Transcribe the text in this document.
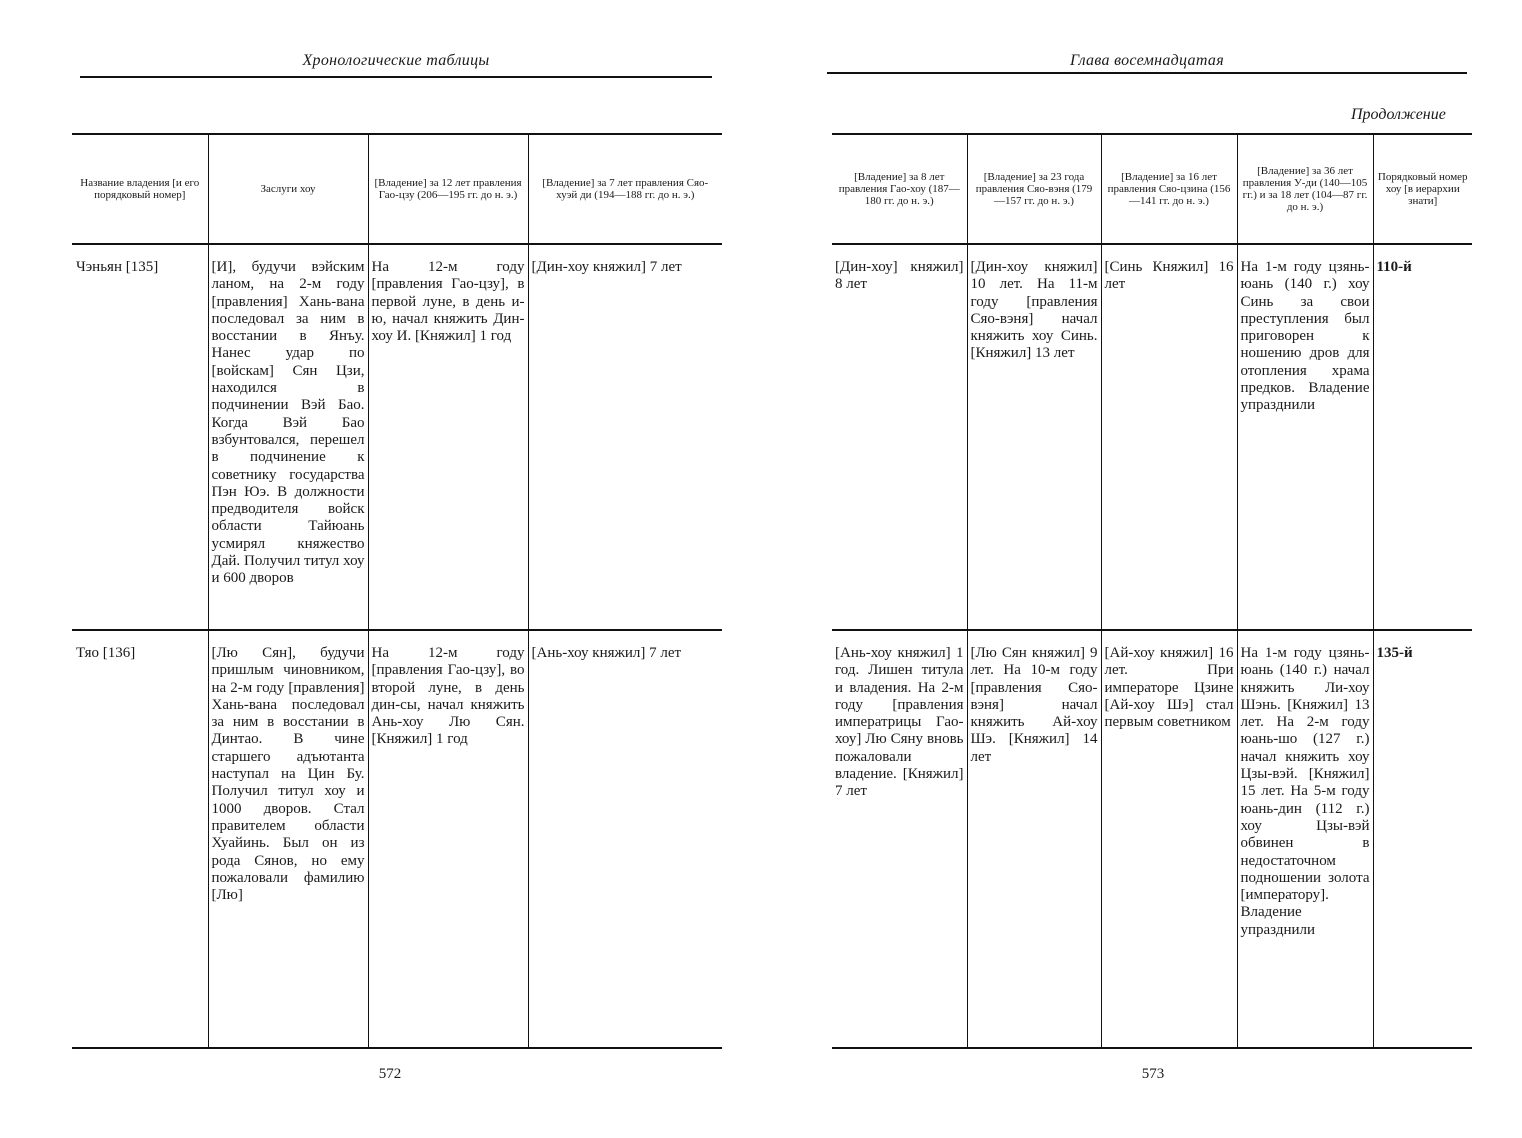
Хронологические таблицы
Название владения [и его порядковый номер]	Заслуги хоу	[Владение] за 12 лет правления Гао-цзу (206—195 гг. до н. э.)	[Владение] за 7 лет правления Сяо-хуэй ди (194—188 гг. до н. э.)
Чэньян [135]	[И], будучи вэйским ланом, на 2-м году [правления] Хань-вана последовал за ним в восстании в Янъу. Нанес удар по [войскам] Сян Цзи, находился в подчинении Вэй Бао. Когда Вэй Бао взбунтовался, перешел в подчинение к советнику государства Пэн Юэ. В должности предводителя войск области Тайюань усмирял княжество Дай. Получил титул хоу и 600 дворов	На 12-м году [правления Гао-цзу], в первой луне, в день и-ю, начал княжить Дин-хоу И. [Княжил] 1 год	[Дин-хоу княжил] 7 лет
Тяо [136]	[Лю Сян], будучи пришлым чиновником, на 2-м году [правления] Хань-вана последовал за ним в восстании в Динтао. В чине старшего адъютанта наступал на Цин Бу. Получил титул хоу и 1000 дворов. Стал правителем области Хуайинь. Был он из рода Сянов, но ему пожаловали фамилию [Лю]	На 12-м году [правления Гао-цзу], во второй луне, в день дин-сы, начал княжить Ань-хоу Лю Сян. [Княжил] 1 год	[Ань-хоу княжил] 7 лет
572
Глава восемнадцатая
Продолжение
[Владение] за 8 лет правления Гао-хоу (187—180 гг. до н. э.)	[Владение] за 23 года правления Сяо-вэня (179—157 гг. до н. э.)	[Владение] за 16 лет правления Сяо-цзина (156—141 гг. до н. э.)	[Владение] за 36 лет правления У-ди (140—105 гг.) и за 18 лет (104—87 гг. до н. э.)	Порядковый номер хоу [в иерархии знати]
[Дин-хоу] княжил] 8 лет	[Дин-хоу княжил] 10 лет. На 11-м году [правления Сяо-вэня] начал княжить хоу Синь. [Княжил] 13 лет	[Синь Княжил] 16 лет	На 1-м году цзянь-юань (140 г.) хоу Синь за свои преступления был приговорен к ношению дров для отопления храма предков. Владение упразднили	110-й
[Ань-хоу княжил] 1 год. Лишен титула и владения. На 2-м году [правления императрицы Гао-хоу] Лю Сяну вновь пожаловали владение. [Княжил] 7 лет	[Лю Сян княжил] 9 лет. На 10-м году [правления Сяо-вэня] начал княжить Ай-хоу Шэ. [Княжил] 14 лет	[Ай-хоу княжил] 16 лет. При императоре Цзине [Ай-хоу Шэ] стал первым советником	На 1-м году цзянь-юань (140 г.) начал княжить Ли-хоу Шэнь. [Княжил] 13 лет. На 2-м году юань-шо (127 г.) начал княжить хоу Цзы-вэй. [Княжил] 15 лет. На 5-м году юань-дин (112 г.) хоу Цзы-вэй обвинен в недостаточном подношении золота [императору]. Владение упразднили	135-й
573
